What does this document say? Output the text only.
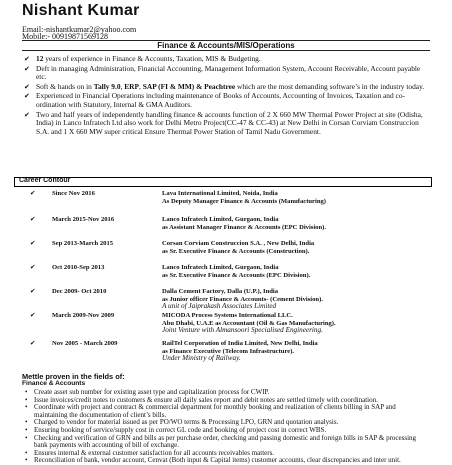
Nishant Kumar
Email:-nishantkumar2@yahoo.com
Mobile:- 00919871569128
Finance & Accounts/MIS/Operations
✔ 12 years of experience in Finance & Accounts, Taxation, MIS & Budgeting.
✔ Deft in managing Administration, Financial Accounting, Management Information System, Account Receivable, Account payable etc.
✔ Soft & hands on in Tally 9.0, ERP, SAP (FI & MM) & Peachtree which are the most demanding software’s in the industry today.
✔ Experienced in Financial Operations including maintenance of Books of Accounts, Accounting of Invoices, Taxation and co-ordination with Statutory, Internal & GMA Auditors.
✔ Two and half years of independently handling finance & accounts function of 2 X 660 MW Thermal Power Project at site (Odisha, India) in Lanco Infratech Ltd also work for Delhi Metro Project(CC-47 & CC-43) at New Delhi in Corsan Corviam Construccion S.A. and 1 X 660 MW super critical Ensure Thermal Power Station of Tamil Nadu Government.
Career Contour
✔ Since Nov 2016	Lava International Limited, Noida, India
As Deputy Manager Finance & Accounts (Manufacturing)
✔ March 2015-Nov 2016	Lanco Infratech Limited, Gurgaon, India
as Assistant Manager Finance & Accounts (EPC Division).
✔ Sep 2013-March 2015	Corsan Corviam Construccion S.A. , New Delhi, India
as Sr. Executive Finance & Accounts (Construction).
✔ Oct 2010-Sep 2013	Lanco Infratech Limited, Gurgaon, India
as Sr. Executive Finance & Accounts (EPC Division).
✔ Dec 2009- Oct 2010	Dalla Cement Factory, Dalla (U.P.), India
as Junior officer Finance & Accounts- (Cement Division).
A unit of Jaiprakash Associates Limited
✔ March 2009-Nov 2009	MICODA Process Systems International LLC.
Abu Dhabi, U.A.E as Accountant (Oil & Gas Manufacturing).
Joint Venture with Almansoori Specialised Engineering.
✔ Nov 2005 - March 2009	RailTel Corporation of India Limited, New Delhi, India
as Finance Executive (Telecom Infrastructure).
Under Ministry of Railway.
Mettle proven in the fields of:
Finance & Accounts
• Create asset sub number for existing asset type and capitalization process for CWIP.
• Issue invoices/credit notes to customers & ensure all daily sales report and debit notes are settled timely with coordination.
• Coordinate with project and contract & commercial department for monthly booking and realization of clients billing in SAP and maintaining the documentation of client’s bills.
• Charged to vendor for material issued as per PO/WO terms & Processing LPO, GRN and quotation analysis.
• Ensuring booking of service/supply cost in correct GL code and booking of project cost in correct WBS.
• Checking and verification of GRN and bills as per purchase order, checking and passing domestic and foreign bills in SAP & processing bank payments with accounting of bill of exchange.
• Ensures internal & external customer satisfaction for all accounts receivables matters.
• Reconciliation of bank, vendor account, Cenvat (Both input & Capital items) customer accounts, clear discrepancies and inter unit.
